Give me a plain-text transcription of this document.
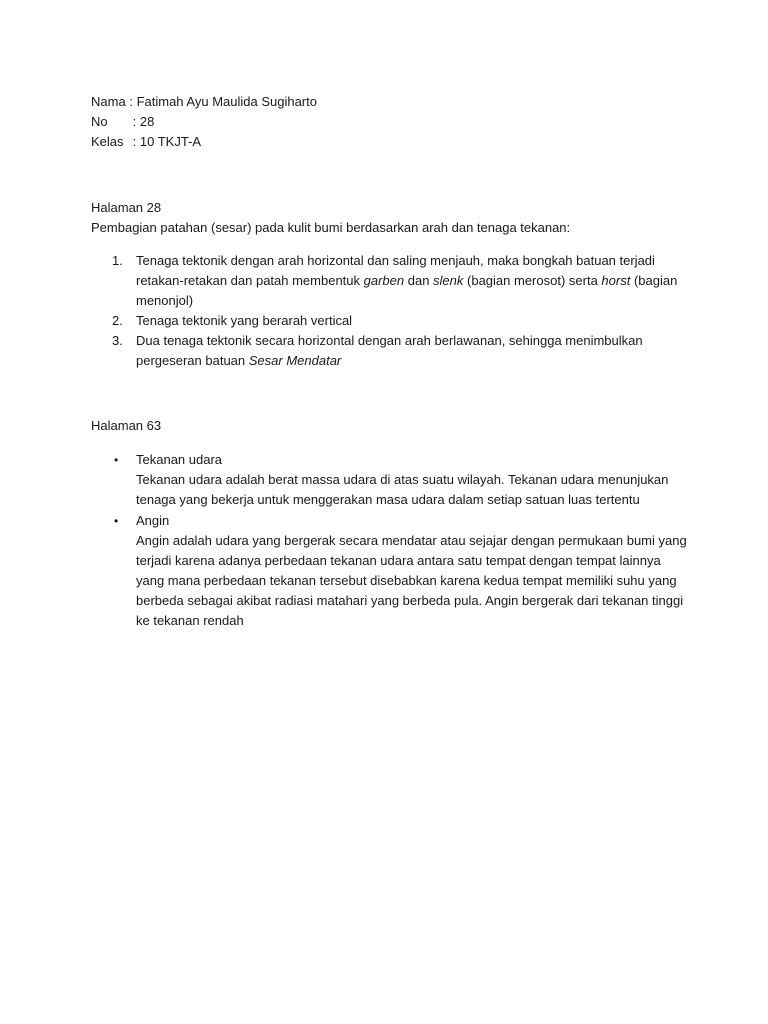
Nama : Fatimah Ayu Maulida Sugiharto
No : 28
Kelas : 10 TKJT-A
Halaman 28
Pembagian patahan (sesar) pada kulit bumi berdasarkan arah dan tenaga tekanan:
1. Tenaga tektonik dengan arah horizontal dan saling menjauh, maka bongkah batuan terjadi
retakan-retakan dan patah membentuk garben dan slenk (bagian merosot) serta horst (bagian
menonjol)
2. Tenaga tektonik yang berarah vertical
3. Dua tenaga tektonik secara horizontal dengan arah berlawanan, sehingga menimbulkan
pergeseran batuan Sesar Mendatar
Halaman 63
• Tekanan udara
Tekanan udara adalah berat massa udara di atas suatu wilayah. Tekanan udara menunjukan
tenaga yang bekerja untuk menggerakan masa udara dalam setiap satuan luas tertentu
• Angin
Angin adalah udara yang bergerak secara mendatar atau sejajar dengan permukaan bumi yang
terjadi karena adanya perbedaan tekanan udara antara satu tempat dengan tempat lainnya
yang mana perbedaan tekanan tersebut disebabkan karena kedua tempat memiliki suhu yang
berbeda sebagai akibat radiasi matahari yang berbeda pula. Angin bergerak dari tekanan tinggi
ke tekanan rendah
